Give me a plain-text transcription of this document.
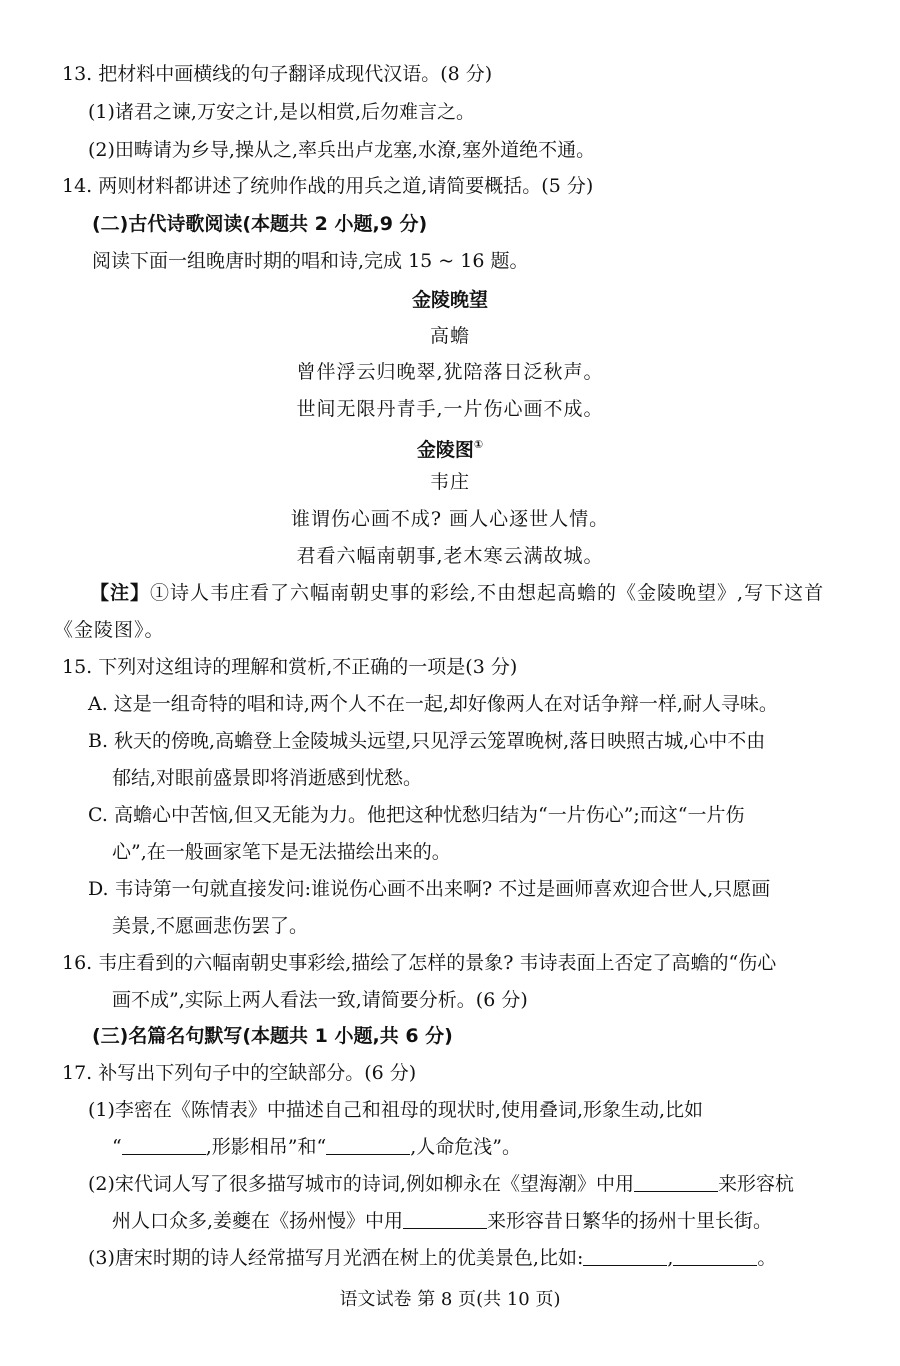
13. 把材料中画横线的句子翻译成现代汉语。(8 分)
(1)诸君之谏,万安之计,是以相赏,后勿难言之。
(2)田畴请为乡导,操从之,率兵出卢龙塞,水潦,塞外道绝不通。
14. 两则材料都讲述了统帅作战的用兵之道,请简要概括。(5 分)
(二)古代诗歌阅读(本题共 2 小题,9 分)
阅读下面一组晚唐时期的唱和诗,完成 15 ~ 16 题。
金陵晚望
高蟾
曾伴浮云归晚翠,犹陪落日泛秋声。
世间无限丹青手,一片伤心画不成。
金陵图①
韦庄
谁谓伤心画不成? 画人心逐世人情。
君看六幅南朝事,老木寒云满故城。
【注】①诗人韦庄看了六幅南朝史事的彩绘,不由想起高蟾的《金陵晚望》,写下这首
《金陵图》。
15. 下列对这组诗的理解和赏析,不正确的一项是(3 分)
A. 这是一组奇特的唱和诗,两个人不在一起,却好像两人在对话争辩一样,耐人寻味。
B. 秋天的傍晚,高蟾登上金陵城头远望,只见浮云笼罩晚树,落日映照古城,心中不由
郁结,对眼前盛景即将消逝感到忧愁。
C. 高蟾心中苦恼,但又无能为力。他把这种忧愁归结为“一片伤心”;而这“一片伤
心”,在一般画家笔下是无法描绘出来的。
D. 韦诗第一句就直接发问:谁说伤心画不出来啊? 不过是画师喜欢迎合世人,只愿画
美景,不愿画悲伤罢了。
16. 韦庄看到的六幅南朝史事彩绘,描绘了怎样的景象? 韦诗表面上否定了高蟾的“伤心
画不成”,实际上两人看法一致,请简要分析。(6 分)
(三)名篇名句默写(本题共 1 小题,共 6 分)
17. 补写出下列句子中的空缺部分。(6 分)
(1)李密在《陈情表》中描述自己和祖母的现状时,使用叠词,形象生动,比如
“	,形影相吊”和“	,人命危浅”。
(2)宋代词人写了很多描写城市的诗词,例如柳永在《望海潮》中用	来形容杭
州人口众多,姜夔在《扬州慢》中用	来形容昔日繁华的扬州十里长街。
(3)唐宋时期的诗人经常描写月光洒在树上的优美景色,比如:	,	。
语文试卷 第 8 页(共 10 页)
